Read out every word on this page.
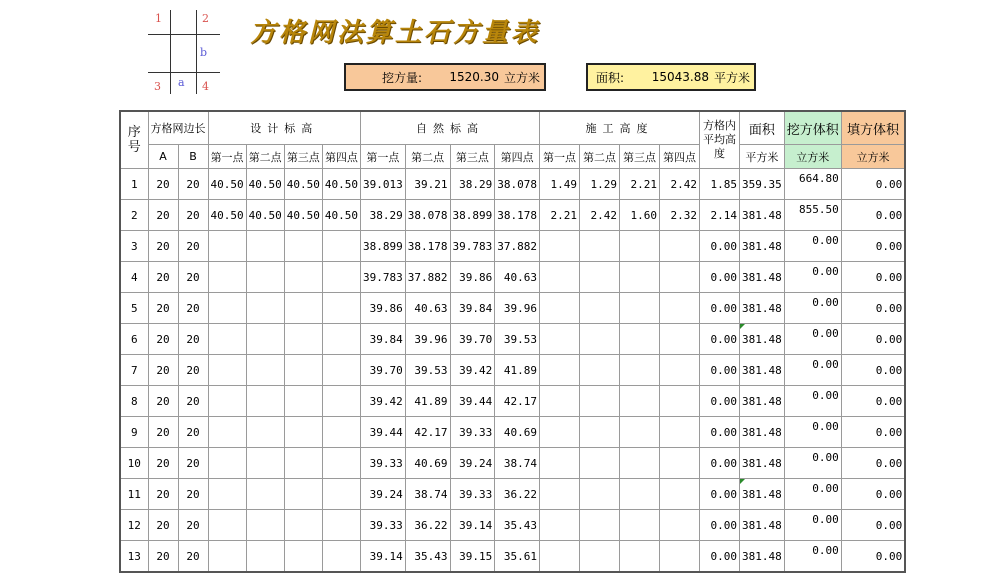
1	2
3	4
a
b
方格网法算土石方量表
挖方量: 1520.30 立方米	面积: 15043.88 平方米
序号	方格网边长		设计标高				自然标高				施工高度				方格内平均高度	面积	挖方体积	填方体积
	A	B	第一点	第二点	第三点	第四点	第一点	第二点	第三点	第四点	第一点	第二点	第三点	第四点		平方米	立方米	立方米
1	20	20	40.50	40.50	40.50	40.50	39.013	39.21	38.29	38.078	1.49	1.29	2.21	2.42	1.85	359.35	664.80	0.00
2	20	20	40.50	40.50	40.50	40.50	38.29	38.078	38.899	38.178	2.21	2.42	1.60	2.32	2.14	381.48	855.50	0.00
3	20	20					38.899	38.178	39.783	37.882					0.00	381.48	0.00	0.00
4	20	20					39.783	37.882	39.86	40.63					0.00	381.48	0.00	0.00
5	20	20					39.86	40.63	39.84	39.96					0.00	381.48	0.00	0.00
6	20	20					39.84	39.96	39.70	39.53					0.00	381.48	0.00	0.00
7	20	20					39.70	39.53	39.42	41.89					0.00	381.48	0.00	0.00
8	20	20					39.42	41.89	39.44	42.17					0.00	381.48	0.00	0.00
9	20	20					39.44	42.17	39.33	40.69					0.00	381.48	0.00	0.00
10	20	20					39.33	40.69	39.24	38.74					0.00	381.48	0.00	0.00
11	20	20					39.24	38.74	39.33	36.22					0.00	381.48	0.00	0.00
12	20	20					39.33	36.22	39.14	35.43					0.00	381.48	0.00	0.00
13	20	20					39.14	35.43	39.15	35.61					0.00	381.48	0.00	0.00
